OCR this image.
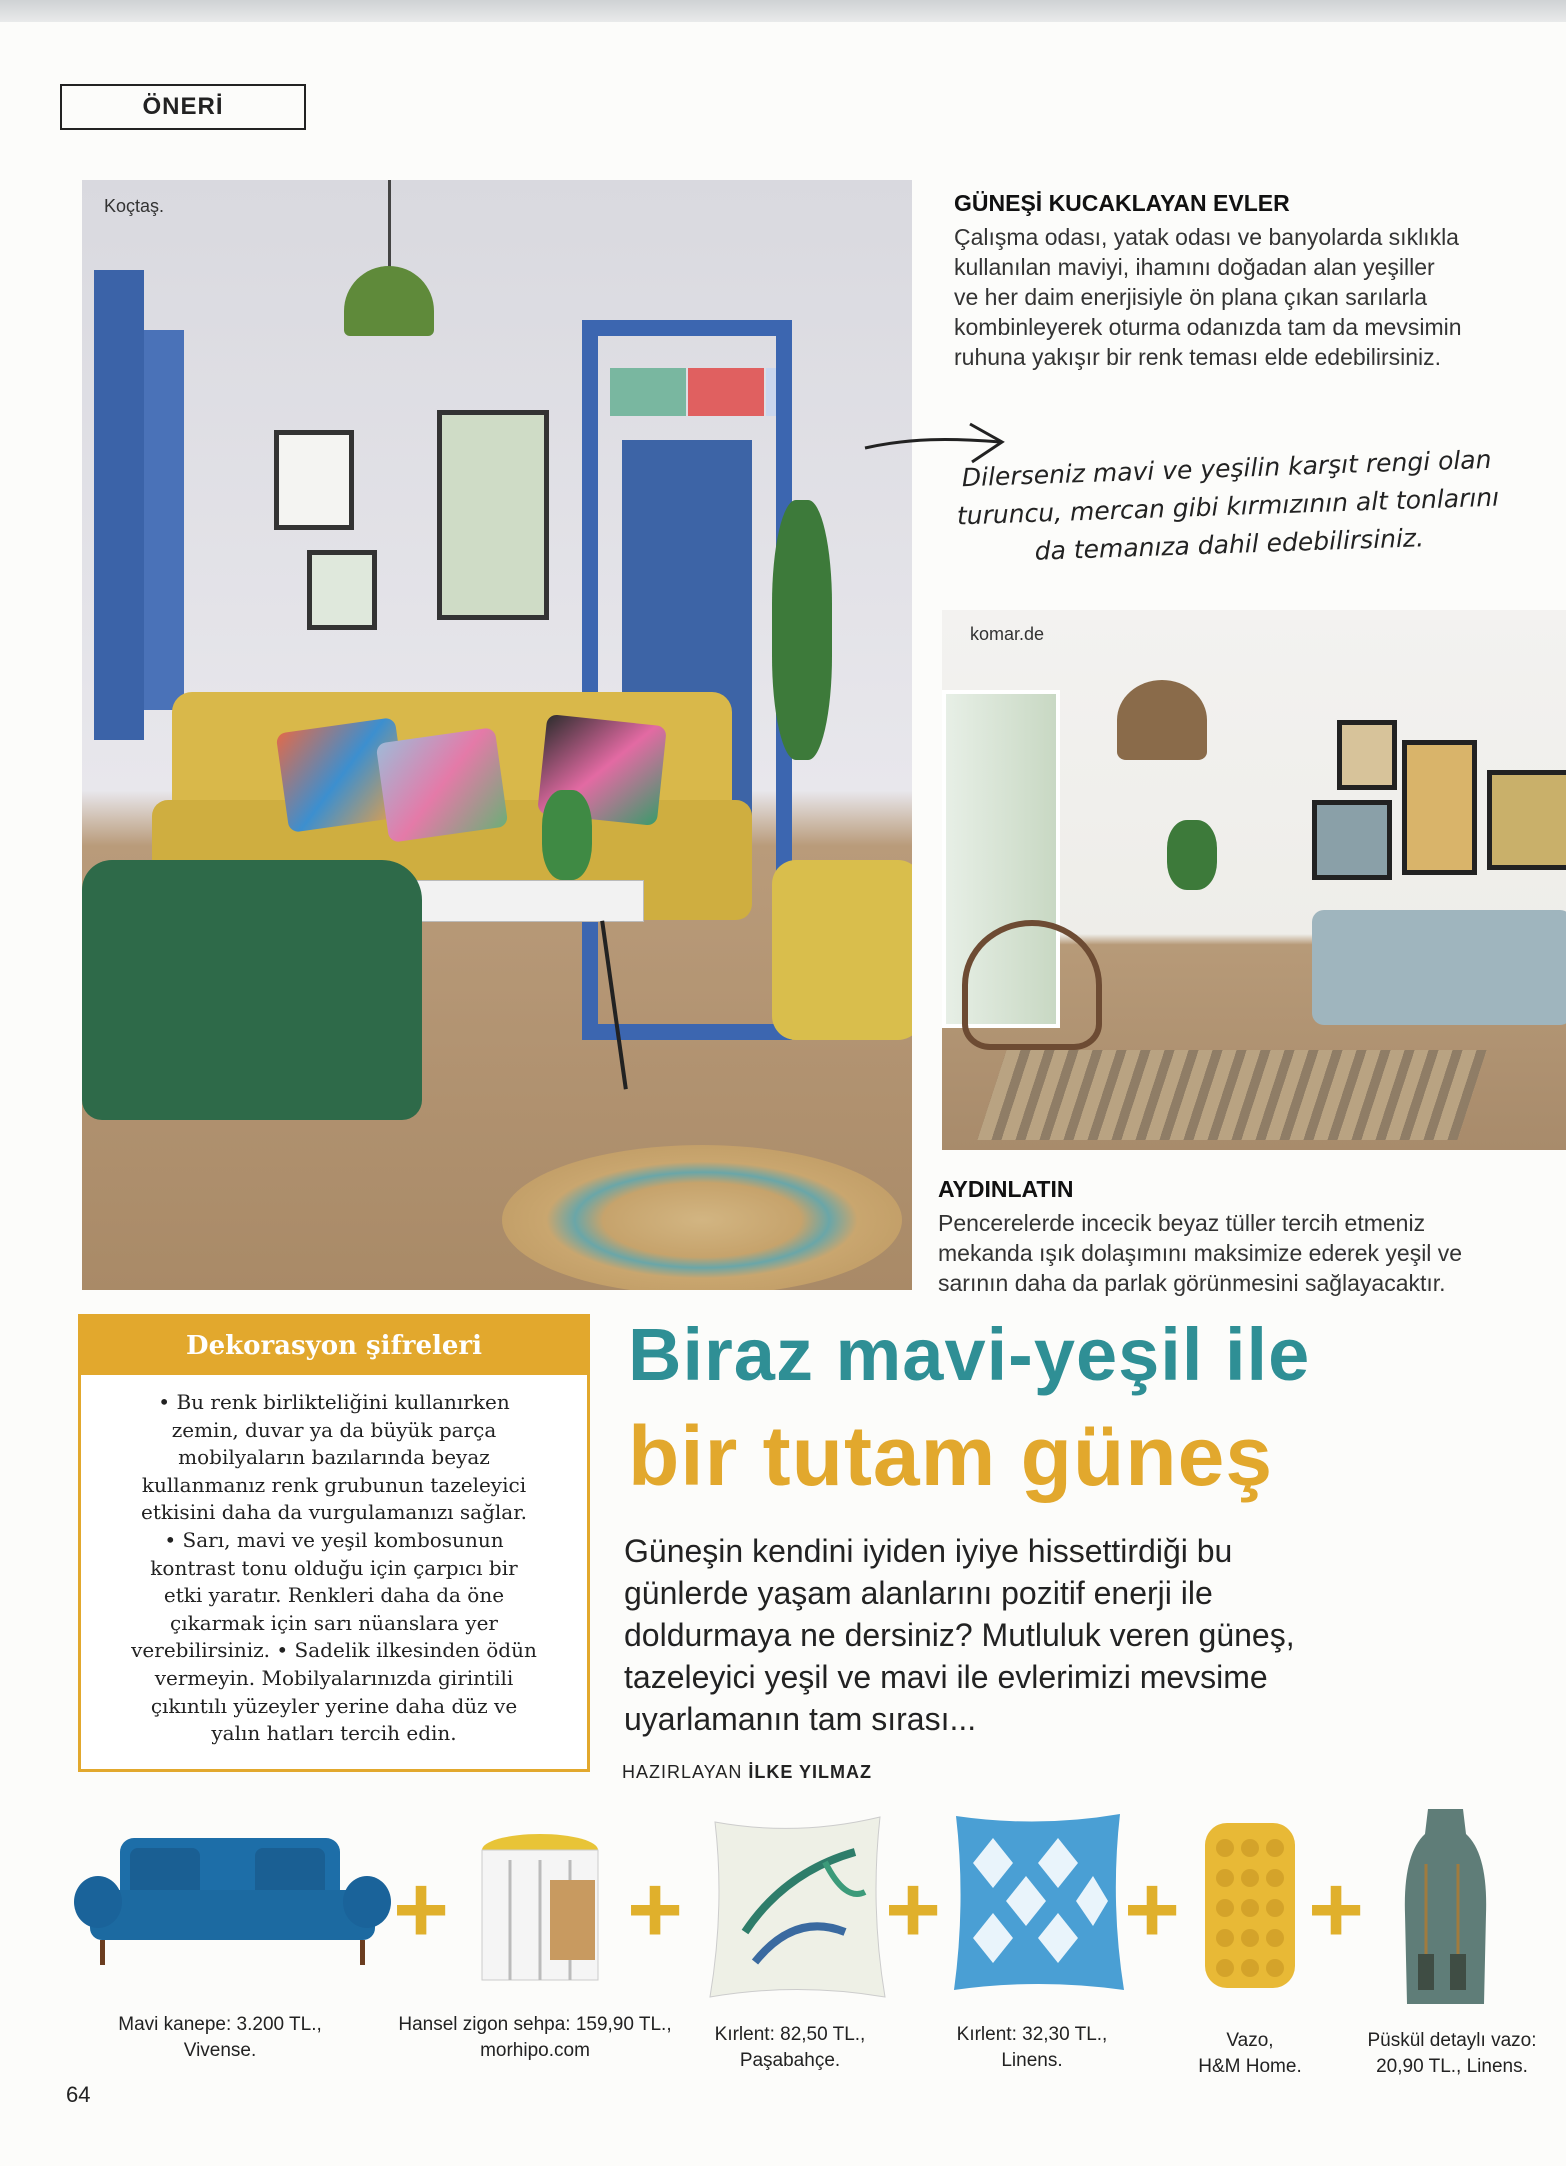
ÖNERİ
Koçtaş.	GÜNEŞİ KUCAKLAYAN EVLER
Çalışma odası, yatak odası ve banyolarda sıklıkla
kullanılan maviyi, ihamını doğadan alan yeşiller
ve her daim enerjisiyle ön plana çıkan sarılarla
kombinleyerek oturma odanızda tam da mevsimin
ruhuna yakışır bir renk teması elde edebilirsiniz.
Dilerseniz mavi ve yeşilin karşıt rengi olan
turuncu, mercan gibi kırmızının alt tonlarını
da temanıza dahil edebilirsiniz.
komar.de
AYDINLATIN
Pencerelerde incecik beyaz tüller tercih etmeniz
mekanda ışık dolaşımını maksimize ederek yeşil ve
sarının daha da parlak görünmesini sağlayacaktır.
Dekorasyon şifreleri
• Bu renk birlikteliğini kullanırken
zemin, duvar ya da büyük parça
mobilyaların bazılarında beyaz
kullanmanız renk grubunun tazeleyici
etkisini daha da vurgulamanızı sağlar.
• Sarı, mavi ve yeşil kombosunun
kontrast tonu olduğu için çarpıcı bir
etki yaratır. Renkleri daha da öne
çıkarmak için sarı nüanslara yer
verebilirsiniz. • Sadelik ilkesinden ödün
vermeyin. Mobilyalarınızda girintili
çıkıntılı yüzeyler yerine daha düz ve
yalın hatları tercih edin.
Biraz mavi-yeşil ile
bir tutam güneş
Güneşin kendini iyiden iyiye hissettirdiği bu
günlerde yaşam alanlarını pozitif enerji ile
doldurmaya ne dersiniz? Mutluluk veren güneş,
tazeleyici yeşil ve mavi ile evlerimizi mevsime
uyarlamanın tam sırası...
HAZIRLAYAN İLKE YILMAZ
+ + + + +
Mavi kanepe: 3.200 TL.,
Vivense.
Hansel zigon sehpa: 159,90 TL.,
morhipo.com
Kırlent: 82,50 TL.,
Paşabahçe.
Kırlent: 32,30 TL.,
Linens.
Vazo,
H&M Home.
Püskül detaylı vazo:
20,90 TL., Linens.
64
